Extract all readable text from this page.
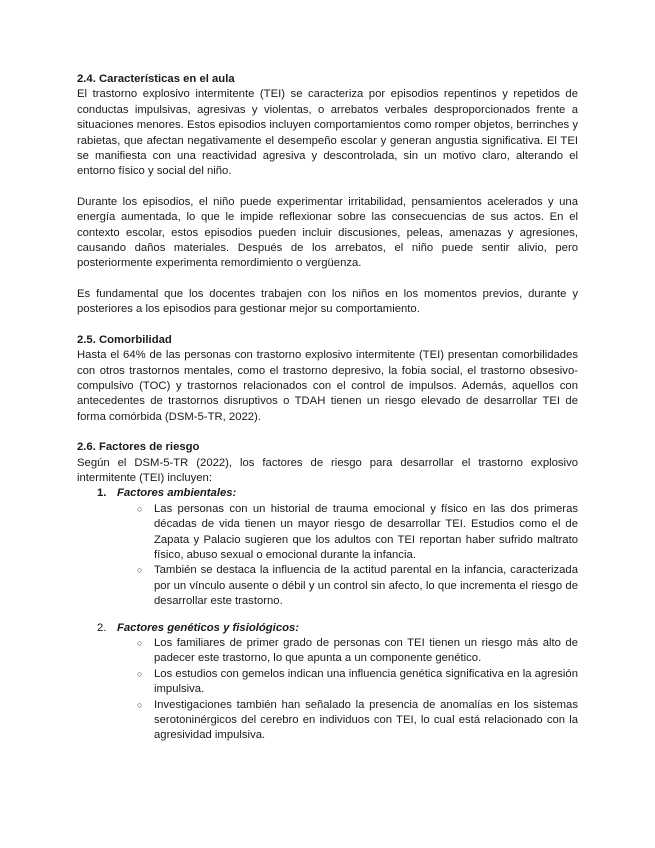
2.4. Características en el aula

El trastorno explosivo intermitente (TEI) se caracteriza por episodios repentinos y repetidos de conductas impulsivas, agresivas y violentas, o arrebatos verbales desproporcionados frente a situaciones menores. Estos episodios incluyen comportamientos como romper objetos, berrinches y rabietas, que afectan negativamente el desempeño escolar y generan angustia significativa. El TEI se manifiesta con una reactividad agresiva y descontrolada, sin un motivo claro, alterando el entorno físico y social del niño.

Durante los episodios, el niño puede experimentar irritabilidad, pensamientos acelerados y una energía aumentada, lo que le impide reflexionar sobre las consecuencias de sus actos. En el contexto escolar, estos episodios pueden incluir discusiones, peleas, amenazas y agresiones, causando daños materiales. Después de los arrebatos, el niño puede sentir alivio, pero posteriormente experimenta remordimiento o vergüenza.

Es fundamental que los docentes trabajen con los niños en los momentos previos, durante y posteriores a los episodios para gestionar mejor su comportamiento.

2.5. Comorbilidad

Hasta el 64% de las personas con trastorno explosivo intermitente (TEI) presentan comorbilidades con otros trastornos mentales, como el trastorno depresivo, la fobia social, el trastorno obsesivo-compulsivo (TOC) y trastornos relacionados con el control de impulsos. Además, aquellos con antecedentes de trastornos disruptivos o TDAH tienen un riesgo elevado de desarrollar TEI de forma comórbida (DSM-5-TR, 2022).

2.6. Factores de riesgo

Según el DSM-5-TR (2022), los factores de riesgo para desarrollar el trastorno explosivo intermitente (TEI) incluyen:

1. Factores ambientales:
○ Las personas con un historial de trauma emocional y físico en las dos primeras décadas de vida tienen un mayor riesgo de desarrollar TEI. Estudios como el de Zapata y Palacio sugieren que los adultos con TEI reportan haber sufrido maltrato físico, abuso sexual o emocional durante la infancia.
○ También se destaca la influencia de la actitud parental en la infancia, caracterizada por un vínculo ausente o débil y un control sin afecto, lo que incrementa el riesgo de desarrollar este trastorno.
2. Factores genéticos y fisiológicos:
○ Los familiares de primer grado de personas con TEI tienen un riesgo más alto de padecer este trastorno, lo que apunta a un componente genético.
○ Los estudios con gemelos indican una influencia genética significativa en la agresión impulsiva.
○ Investigaciones también han señalado la presencia de anomalías en los sistemas serotoninérgicos del cerebro en individuos con TEI, lo cual está relacionado con la agresividad impulsiva.
